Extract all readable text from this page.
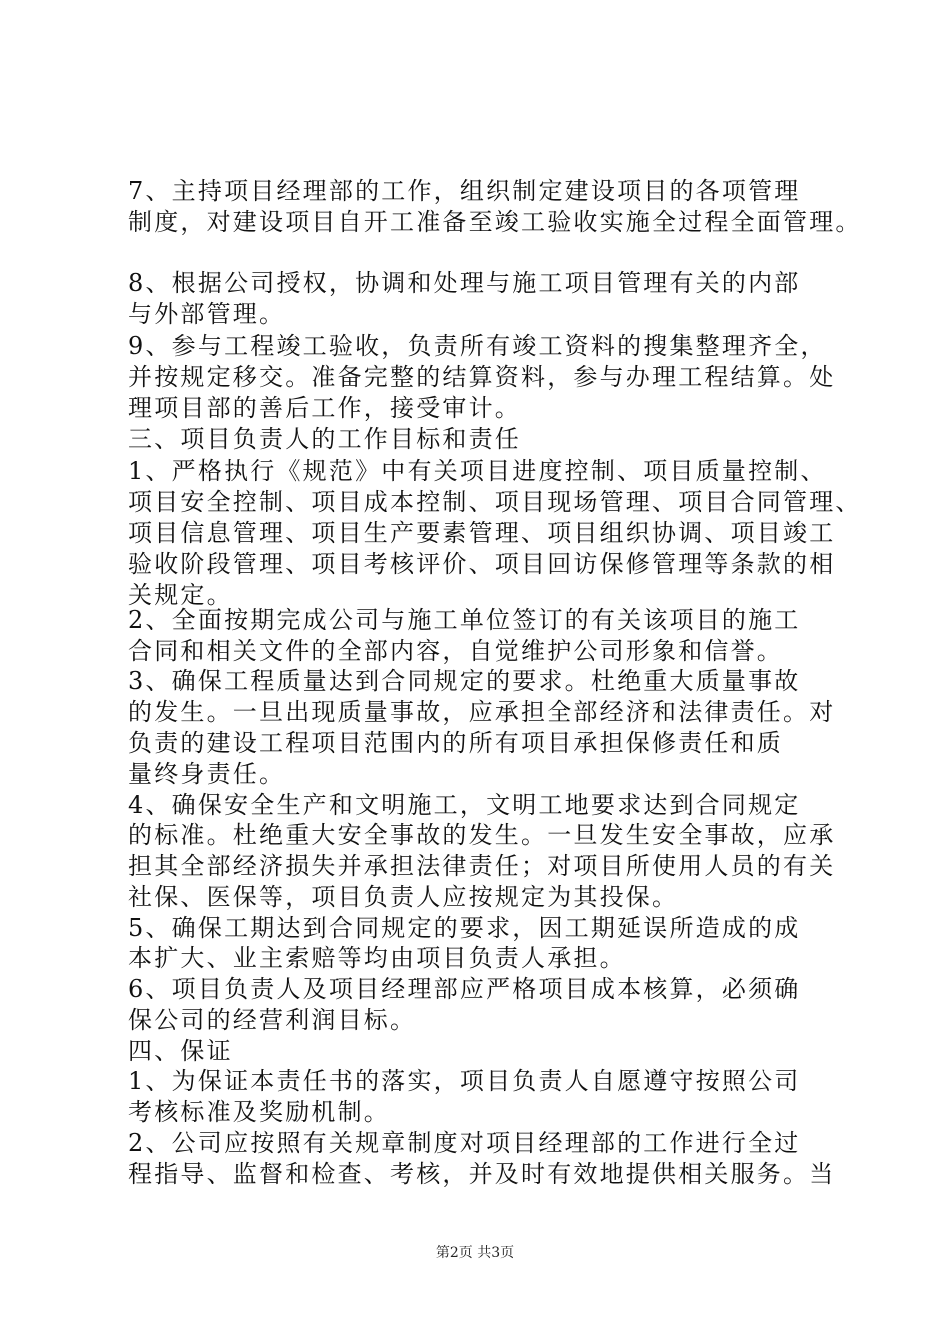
7、主持项目经理部的工作，组织制定建设项目的各项管理
制度，对建设项目自开工准备至竣工验收实施全过程全面管理。
8、根据公司授权，协调和处理与施工项目管理有关的内部
与外部管理。
9、参与工程竣工验收，负责所有竣工资料的搜集整理齐全，
并按规定移交。准备完整的结算资料，参与办理工程结算。处
理项目部的善后工作，接受审计。
三、项目负责人的工作目标和责任
1、严格执行《规范》中有关项目进度控制、项目质量控制、
项目安全控制、项目成本控制、项目现场管理、项目合同管理、
项目信息管理、项目生产要素管理、项目组织协调、项目竣工
验收阶段管理、项目考核评价、项目回访保修管理等条款的相
关规定。
2、全面按期完成公司与施工单位签订的有关该项目的施工
合同和相关文件的全部内容，自觉维护公司形象和信誉。
3、确保工程质量达到合同规定的要求。杜绝重大质量事故
的发生。一旦出现质量事故，应承担全部经济和法律责任。对
负责的建设工程项目范围内的所有项目承担保修责任和质
量终身责任。
4、确保安全生产和文明施工，文明工地要求达到合同规定
的标准。杜绝重大安全事故的发生。一旦发生安全事故，应承
担其全部经济损失并承担法律责任；对项目所使用人员的有关
社保、医保等，项目负责人应按规定为其投保。
5、确保工期达到合同规定的要求，因工期延误所造成的成
本扩大、业主索赔等均由项目负责人承担。
6、项目负责人及项目经理部应严格项目成本核算，必须确
保公司的经营利润目标。
四、保证
1、为保证本责任书的落实，项目负责人自愿遵守按照公司
考核标准及奖励机制。
2、公司应按照有关规章制度对项目经理部的工作进行全过
程指导、监督和检查、考核，并及时有效地提供相关服务。当
第2页 共3页
